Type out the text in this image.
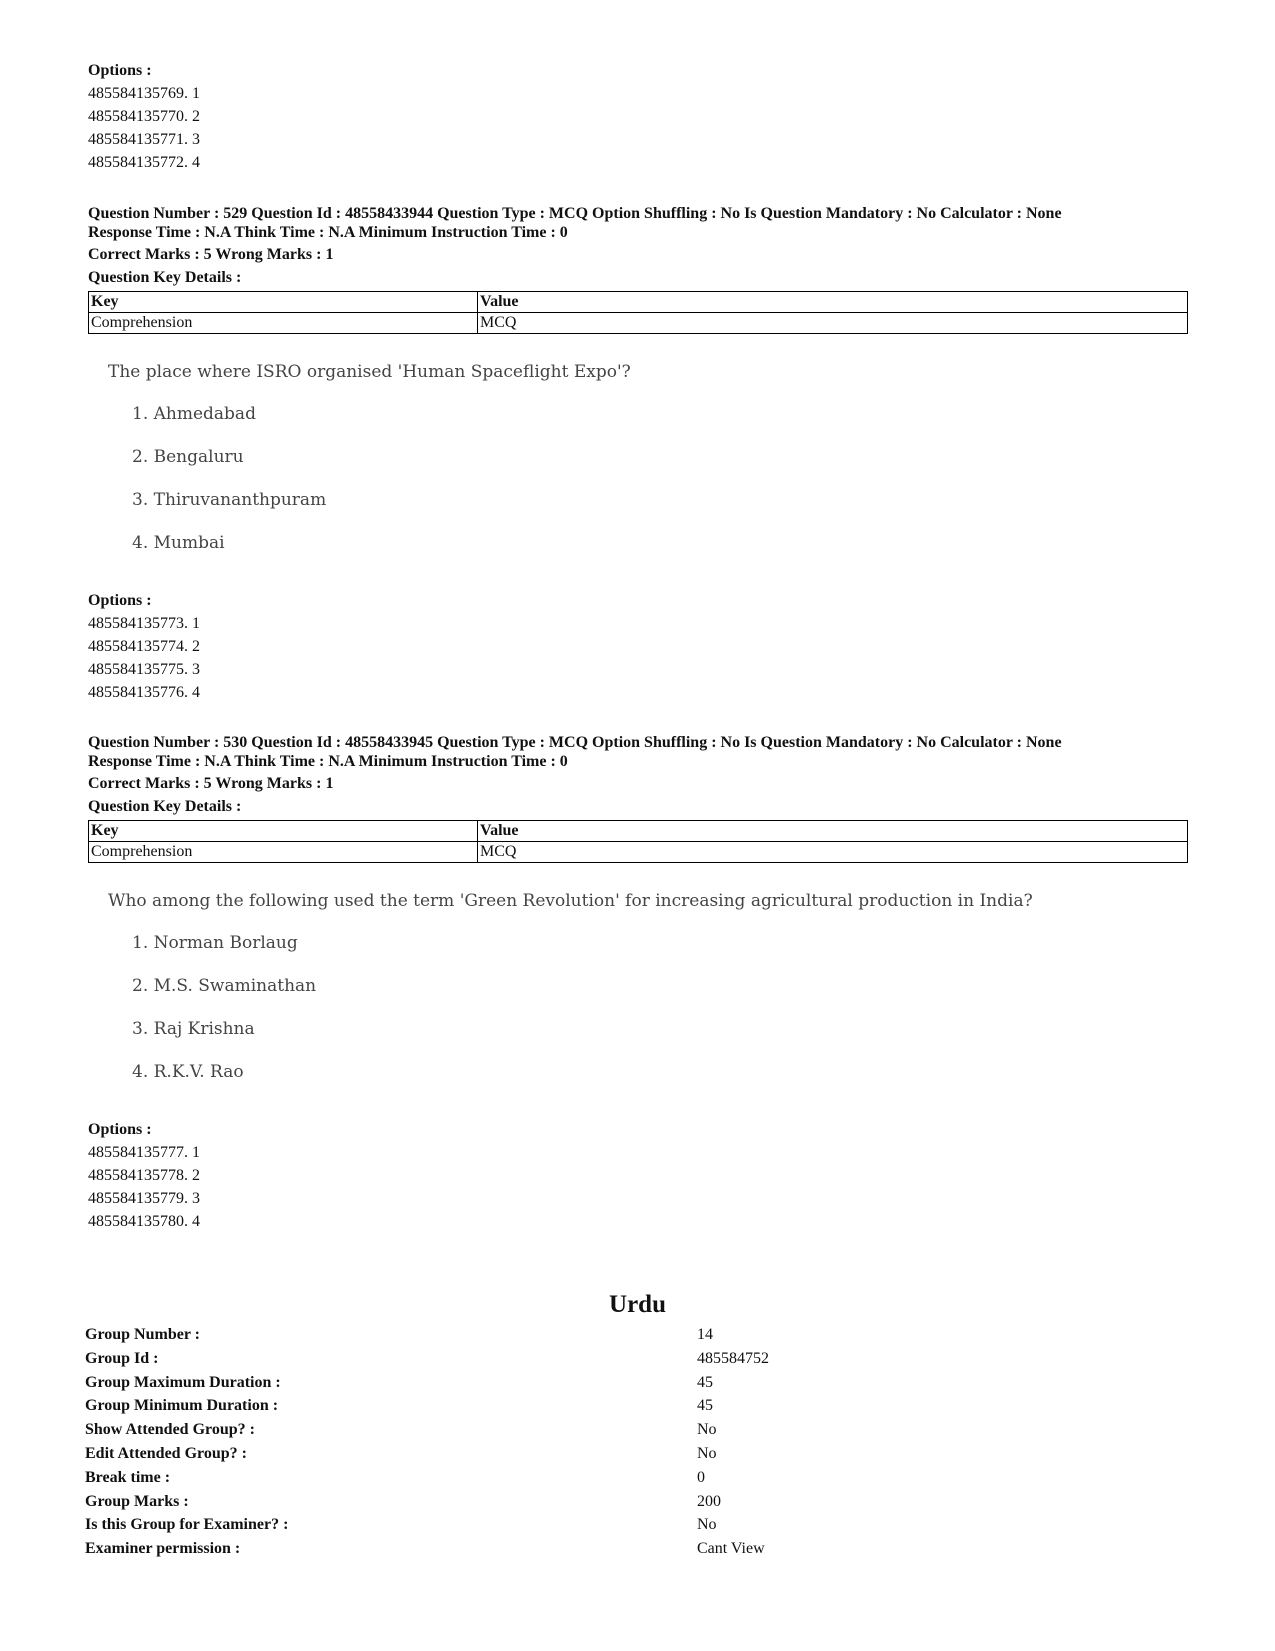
Options :
485584135769. 1
485584135770. 2
485584135771. 3
485584135772. 4
Question Number : 529 Question Id : 48558433944 Question Type : MCQ Option Shuffling : No Is Question Mandatory : No Calculator : None
Response Time : N.A Think Time : N.A Minimum Instruction Time : 0
Correct Marks : 5 Wrong Marks : 1
Question Key Details :
Key	Value
Comprehension	MCQ
The place where ISRO organised 'Human Spaceflight Expo'?
1. Ahmedabad
2. Bengaluru
3. Thiruvananthpuram
4. Mumbai
Options :
485584135773. 1
485584135774. 2
485584135775. 3
485584135776. 4
Question Number : 530 Question Id : 48558433945 Question Type : MCQ Option Shuffling : No Is Question Mandatory : No Calculator : None
Response Time : N.A Think Time : N.A Minimum Instruction Time : 0
Correct Marks : 5 Wrong Marks : 1
Question Key Details :
Key	Value
Comprehension	MCQ
Who among the following used the term 'Green Revolution' for increasing agricultural production in India?
1. Norman Borlaug
2. M.S. Swaminathan
3. Raj Krishna
4. R.K.V. Rao
Options :
485584135777. 1
485584135778. 2
485584135779. 3
485584135780. 4
Urdu
Group Number :	14
Group Id :	485584752
Group Maximum Duration :	45
Group Minimum Duration :	45
Show Attended Group? :	No
Edit Attended Group? :	No
Break time :	0
Group Marks :	200
Is this Group for Examiner? :	No
Examiner permission :	Cant View
